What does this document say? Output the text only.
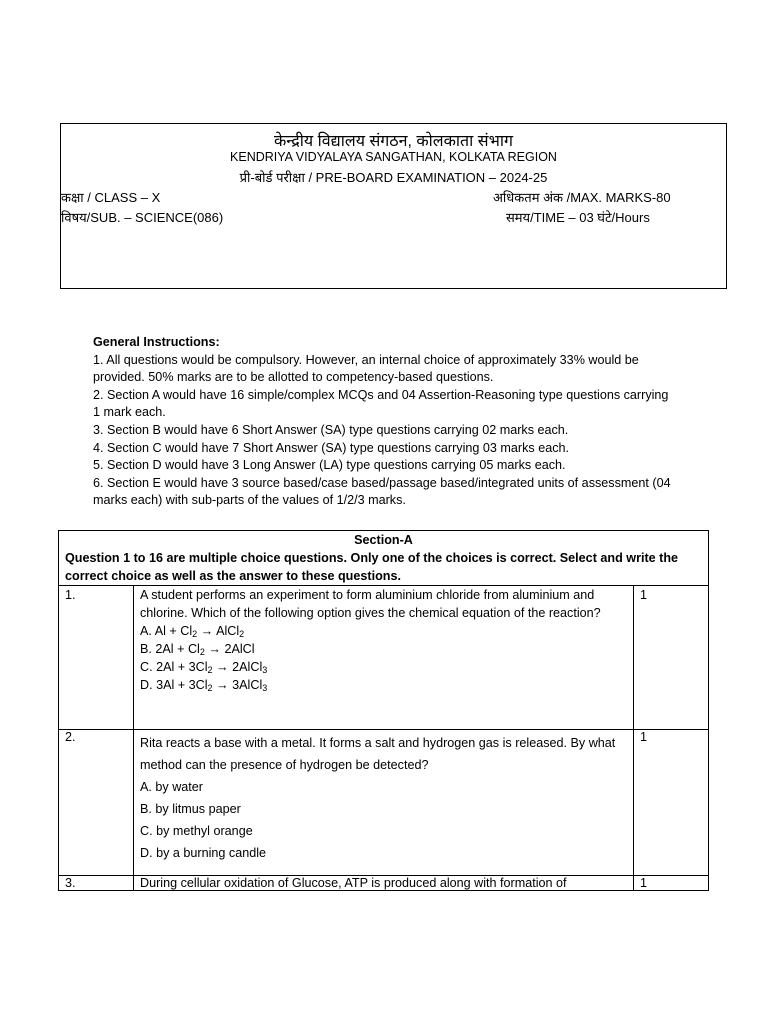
केन्द्रीय विद्यालय संगठन, कोलकाता संभाग
KENDRIYA VIDYALAYA SANGATHAN, KOLKATA REGION
प्री-बोर्ड परीक्षा / PRE-BOARD EXAMINATION – 2024-25
कक्षा / CLASS – X	अधिकतम अंक /MAX. MARKS-80
विषय/SUB. – SCIENCE(086)	समय/TIME – 03 घंटे/Hours

General Instructions:

1. All questions would be compulsory. However, an internal choice of approximately 33% would be provided. 50% marks are to be allotted to competency-based questions.

2. Section A would have 16 simple/complex MCQs and 04 Assertion-Reasoning type questions carrying 1 mark each.

3. Section B would have 6 Short Answer (SA) type questions carrying 02 marks each.

4. Section C would have 7 Short Answer (SA) type questions carrying 03 marks each.

5. Section D would have 3 Long Answer (LA) type questions carrying 05 marks each.

6. Section E would have 3 source based/case based/passage based/integrated units of assessment (04 marks each) with sub-parts of the values of 1/2/3 marks.

Section-A
Question 1 to 16 are multiple choice questions. Only one of the choices is correct. Select and write the correct choice as well as the answer to these questions.		

1.	A student performs an experiment to form aluminium chloride from aluminium and chlorine. Which of the following option gives the chemical equation of the reaction?
A. $Al + Cl_2$ → AlCl$_2$
B. $2Al + Cl_2$ → 2AlCl
C. $2Al + 3Cl_2$ → 2AlCl$_3$
D. $3Al + 3Cl_2$ → 3AlCl$_3$	1
2.	Rita reacts a base with a metal. It forms a salt and hydrogen gas is released. By what method can the presence of hydrogen be detected?
A. by water
B. by litmus paper
C. by methyl orange
D. by a burning candle	1
3.	During cellular oxidation of Glucose, ATP is produced along with formation of	1
